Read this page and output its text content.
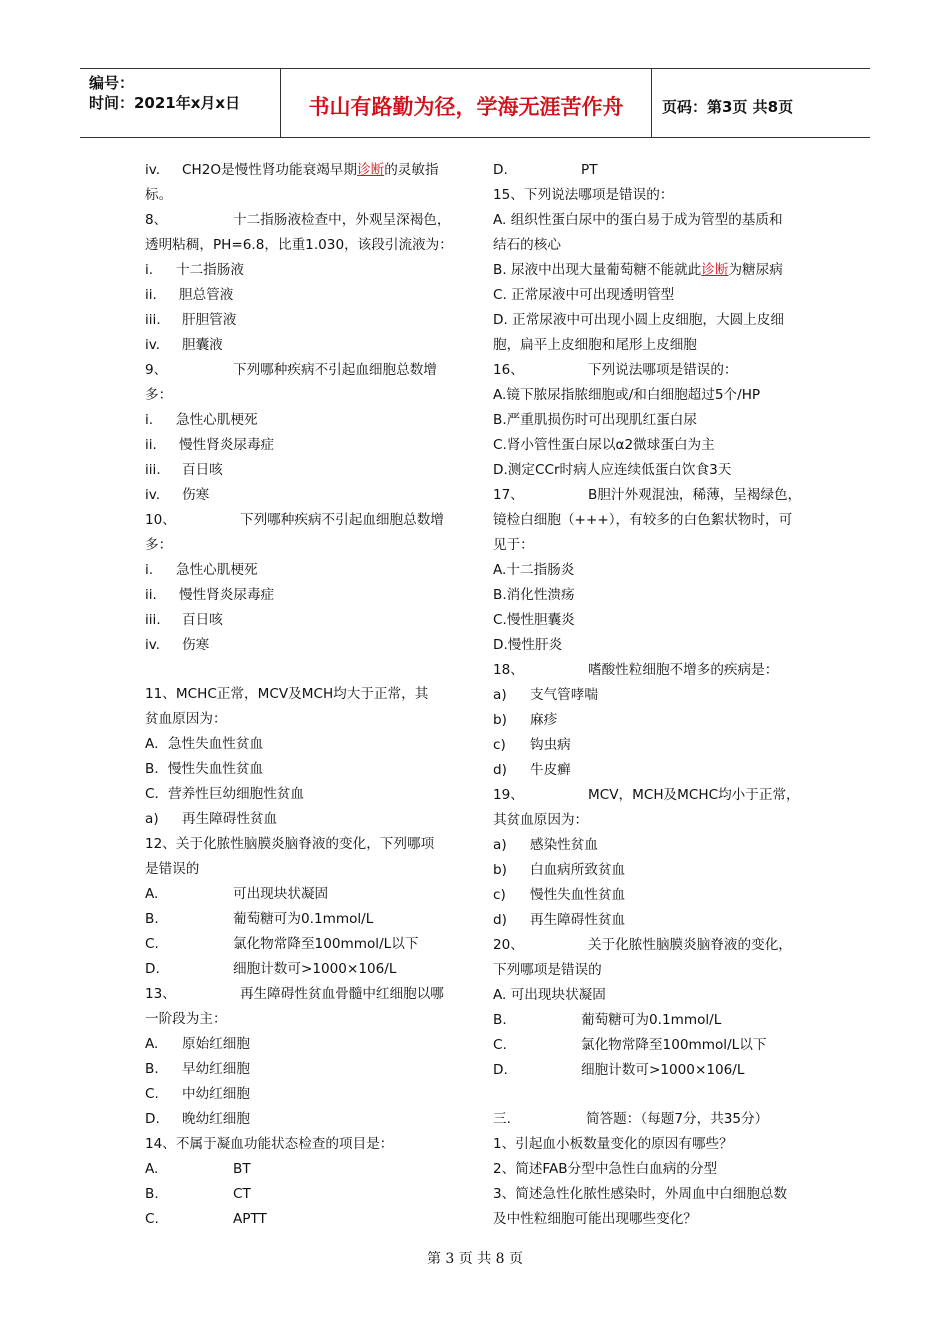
编号：
时间：2021年x月x日	书山有路勤为径，学海无涯苦作舟	页码：第3页 共8页
iv. CH2O是慢性肾功能衰竭早期诊断的灵敏指
标。
8、	十二指肠液检查中，外观呈深褐色，
透明粘稠，PH=6.8，比重1.030，该段引流液为：
i. 十二指肠液
ii. 胆总管液
iii. 肝胆管液
iv. 胆囊液
9、	下列哪种疾病不引起血细胞总数增
多：
i. 急性心肌梗死
ii. 慢性肾炎尿毒症
iii. 百日咳
iv. 伤寒
10、	下列哪种疾病不引起血细胞总数增
多：
i. 急性心肌梗死
ii. 慢性肾炎尿毒症
iii. 百日咳
iv. 伤寒
11、MCHC正常，MCV及MCH均大于正常，其
贫血原因为：
A．急性失血性贫血
B．慢性失血性贫血
C．营养性巨幼细胞性贫血
a) 再生障碍性贫血
12、关于化脓性脑膜炎脑脊液的变化，下列哪项
是错误的
A.	可出现块状凝固
B.	葡萄糖可为0.1mmol/L
C.	氯化物常降至100mmol/L以下
D.	细胞计数可>1000×106/L
13、	再生障碍性贫血骨髓中红细胞以哪
一阶段为主：
A. 原始红细胞
B. 早幼红细胞
C. 中幼红细胞
D. 晚幼红细胞
14、不属于凝血功能状态检查的项目是：
A.	BT
B.	CT
C.	APTT
D.	PT
15、下列说法哪项是错误的：
A. 组织性蛋白尿中的蛋白易于成为管型的基质和
结石的核心
B. 尿液中出现大量葡萄糖不能就此诊断为糖尿病
C. 正常尿液中可出现透明管型
D. 正常尿液中可出现小圆上皮细胞，大圆上皮细
胞，扁平上皮细胞和尾形上皮细胞
16、	下列说法哪项是错误的：
A.镜下脓尿指脓细胞或/和白细胞超过5个/HP
B.严重肌损伤时可出现肌红蛋白尿
C.肾小管性蛋白尿以α2微球蛋白为主
D.测定CCr时病人应连续低蛋白饮食3天
17、	B胆汁外观混浊，稀薄，呈褐绿色，
镜检白细胞（+++），有较多的白色絮状物时，可
见于：
A.十二指肠炎
B.消化性溃疡
C.慢性胆囊炎
D.慢性肝炎
18、	嗜酸性粒细胞不增多的疾病是：
a) 支气管哮喘
b) 麻疹
c) 钩虫病
d) 牛皮癣
19、	MCV，MCH及MCHC均小于正常，
其贫血原因为：
a) 感染性贫血
b) 白血病所致贫血
c) 慢性失血性贫血
d) 再生障碍性贫血
20、	关于化脓性脑膜炎脑脊液的变化，
下列哪项是错误的
A. 可出现块状凝固
B.	葡萄糖可为0.1mmol/L
C.	氯化物常降至100mmol/L以下
D.	细胞计数可>1000×106/L
三.	简答题：（每题7分，共35分）
1、引起血小板数量变化的原因有哪些？
2、简述FAB分型中急性白血病的分型
3、简述急性化脓性感染时，外周血中白细胞总数
及中性粒细胞可能出现哪些变化？
第 3 页 共 8 页
